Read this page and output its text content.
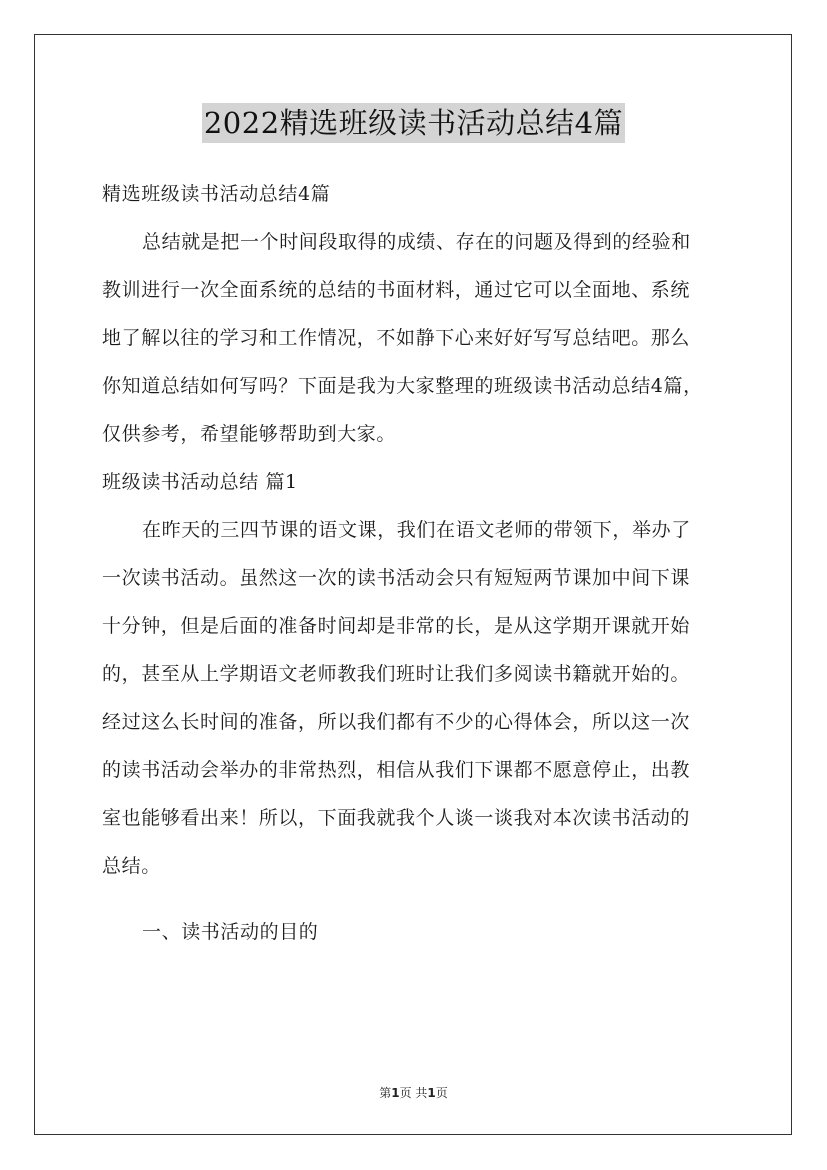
2022精选班级读书活动总结4篇
精选班级读书活动总结4篇
总结就是把一个时间段取得的成绩、存在的问题及得到的经验和
教训进行一次全面系统的总结的书面材料，通过它可以全面地、系统
地了解以往的学习和工作情况，不如静下心来好好写写总结吧。那么
你知道总结如何写吗？下面是我为大家整理的班级读书活动总结4篇，
仅供参考，希望能够帮助到大家。
班级读书活动总结 篇1
在昨天的三四节课的语文课，我们在语文老师的带领下，举办了
一次读书活动。虽然这一次的读书活动会只有短短两节课加中间下课
十分钟，但是后面的准备时间却是非常的长，是从这学期开课就开始
的，甚至从上学期语文老师教我们班时让我们多阅读书籍就开始的。
经过这么长时间的准备，所以我们都有不少的心得体会，所以这一次
的读书活动会举办的非常热烈，相信从我们下课都不愿意停止，出教
室也能够看出来！所以，下面我就我个人谈一谈我对本次读书活动的
总结。
一、读书活动的目的
第1页 共1页
